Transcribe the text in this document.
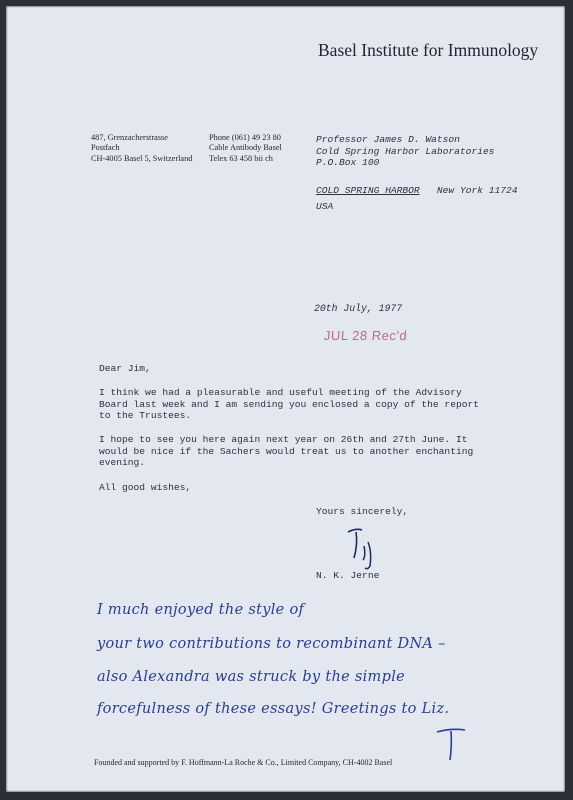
Basel Institute for Immunology
487, Grenzacherstrasse
Postfach
CH-4005 Basel 5, Switzerland
Phone (061) 49 23 80
Cable Antibody Basel
Telex 63 458 bii ch
Professor James D. Watson
Cold Spring Harbor Laboratories
P.O.Box 100
COLD SPRING HARBOR New York 11724
USA
20th July, 1977
JUL 28 Rec'd
Dear Jim,
I think we had a pleasurable and useful meeting of the Advisory Board last week and I am sending you enclosed a copy of the report to the Trustees.
I hope to see you here again next year on 26th and 27th June. It would be nice if the Sachers would treat us to another enchanting evening.
All good wishes,
Yours sincerely,
N. K. Jerne
I much enjoyed the style of
your two contributions to recombinant DNA –
also Alexandra was struck by the simple
forcefulness of these essays! Greetings to Liz.
Founded and supported by F. Hoffmann-La Roche & Co., Limited Company, CH-4002 Basel
